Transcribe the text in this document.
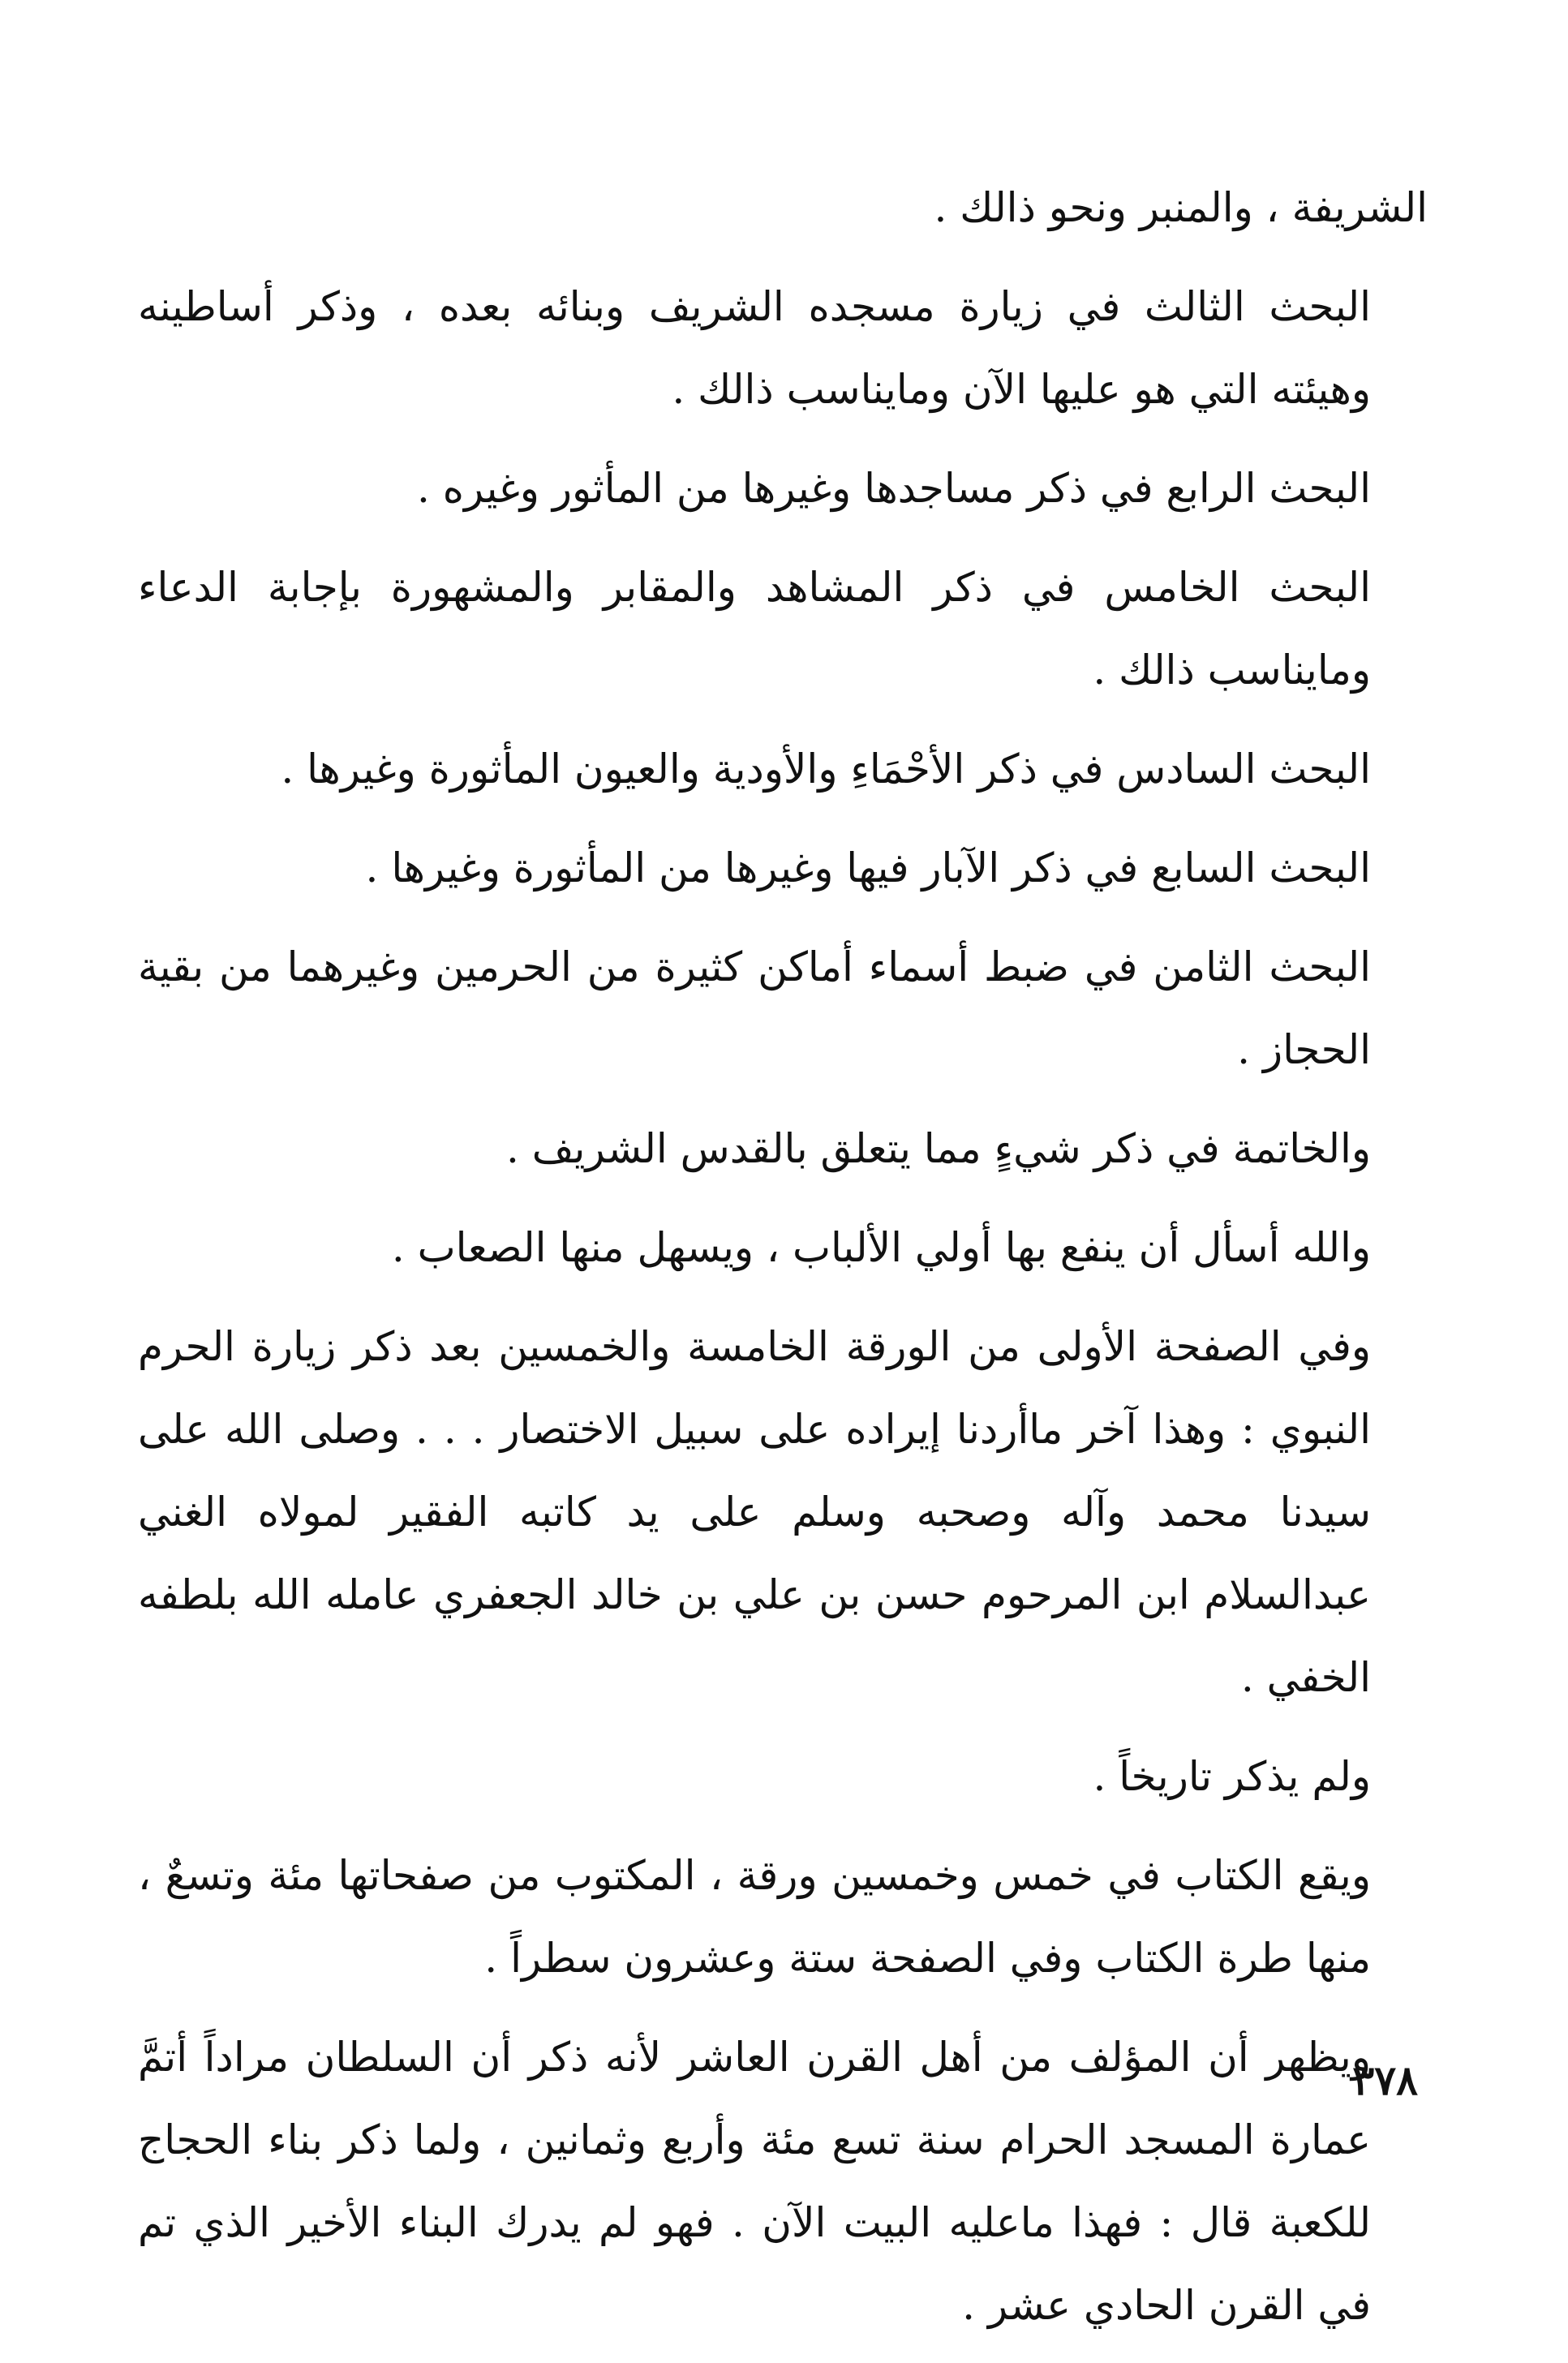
الشريفة ، والمنبر ونحو ذالك .

البحث الثالث في زيارة مسجده الشريف وبنائه بعده ، وذكر أساطينه وهيئته التي هو عليها الآن ومايناسب ذالك .

البحث الرابع في ذكر مساجدها وغيرها من المأثور وغيره .

البحث الخامس في ذكر المشاهد والمقابر والمشهورة بإجابة الدعاء ومايناسب ذالك .

البحث السادس في ذكر الأحْمَاءِ والأودية والعيون المأثورة وغيرها .

البحث السابع في ذكر الآبار فيها وغيرها من المأثورة وغيرها .

البحث الثامن في ضبط أسماء أماكن كثيرة من الحرمين وغيرهما من بقية الحجاز .

والخاتمة في ذكر شيءٍ مما يتعلق بالقدس الشريف .

والله أسأل أن ينفع بها أولي الألباب ، ويسهل منها الصعاب .

وفي الصفحة الأولى من الورقة الخامسة والخمسين بعد ذكر زيارة الحرم النبوي : وهذا آخر ماأردنا إيراده على سبيل الاختصار . . . وصلى الله على سيدنا محمد وآله وصحبه وسلم على يد كاتبه الفقير لمولاه الغني عبدالسلام ابن المرحوم حسن بن علي بن خالد الجعفري عامله الله بلطفه الخفي .

ولم يذكر تاريخاً .

ويقع الكتاب في خمس وخمسين ورقة ، المكتوب من صفحاتها مئة وتسعٌ ، منها طرة الكتاب وفي الصفحة ستة وعشرون سطراً .

ويظهر أن المؤلف من أهل القرن العاشر لأنه ذكر أن السلطان مراداً أتمَّ عمارة المسجد الحرام سنة تسع مئة وأربع وثمانين ، ولما ذكر بناء الحجاج للكعبة قال : فهذا ماعليه البيت الآن . فهو لم يدرك البناء الأخير الذي تم في القرن الحادي عشر .

٣٧٨
